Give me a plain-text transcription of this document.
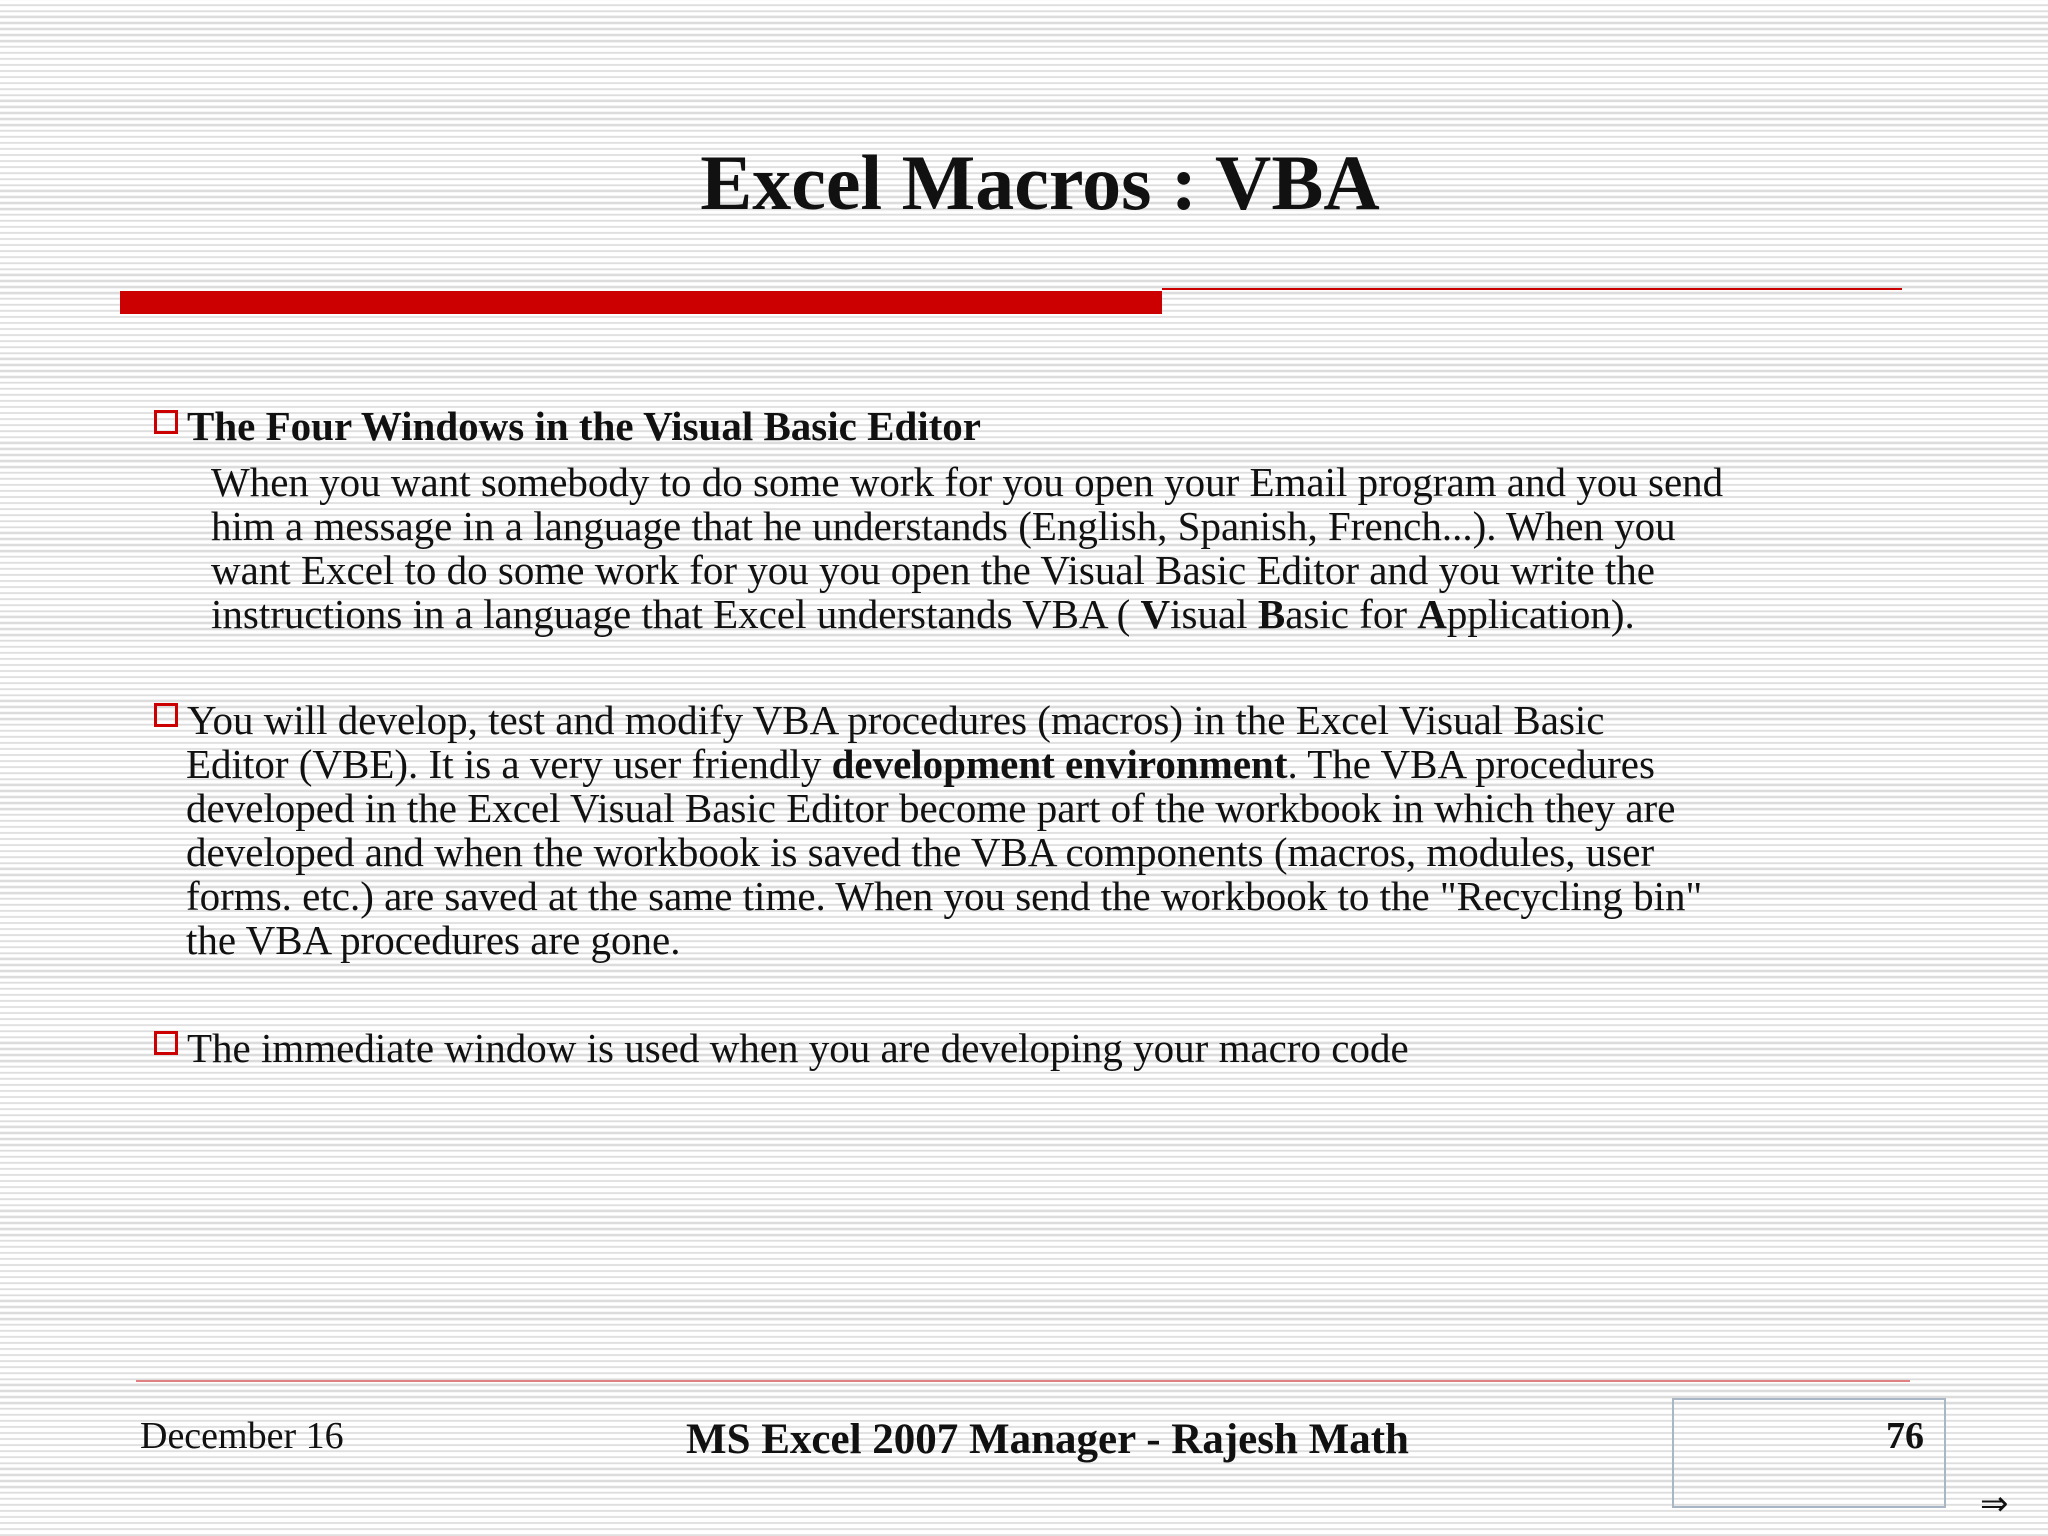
Excel Macros : VBA
The Four Windows in the Visual Basic Editor
When you want somebody to do some work for you open your Email program and you send
him a message in a language that he understands (English, Spanish, French...). When you
want Excel to do some work for you you open the Visual Basic Editor and you write the
instructions in a language that Excel understands VBA ( Visual Basic for Application).
You will develop, test and modify VBA procedures (macros) in the Excel Visual Basic
Editor (VBE). It is a very user friendly development environment. The VBA procedures
developed in the Excel Visual Basic Editor become part of the workbook in which they are
developed and when the workbook is saved the VBA components (macros, modules, user
forms. etc.) are saved at the same time. When you send the workbook to the "Recycling bin"
the VBA procedures are gone.
The immediate window is used when you are developing your macro code
December 16	MS Excel 2007 Manager - Rajesh Math	76
⇒
